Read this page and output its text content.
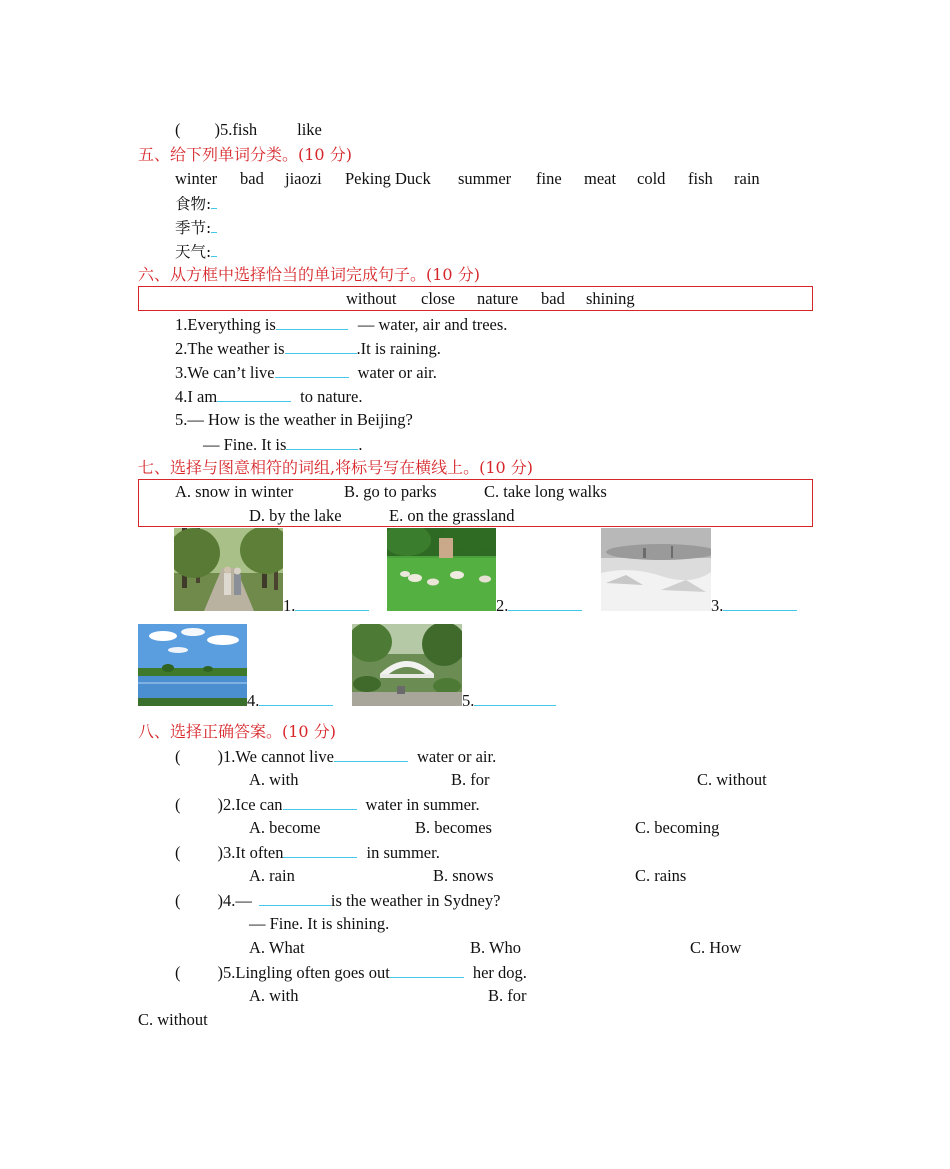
( )5.fish like
五、给下列单词分类。(10 分)
winter bad jiaozi Peking Duck summer fine meat cold fish rain
食物:
季节:
天气:
六、从方框中选择恰当的单词完成句子。(10 分)
without close nature bad shining
1.Everything is	— water, air and trees.
2.The weather is	.It is raining.
3.We can’t live	water or air.
4.I am	to nature.
5.— How is the weather in Beijing?
— Fine. It is	.
七、选择与图意相符的词组,将标号写在横线上。(10 分)
A. snow in winter	B. go to parks	C. take long walks
D. by the lake	E. on the grassland
1.	2.	3.
4.	5.
八、选择正确答案。(10 分)
( )1.We cannot live	water or air.
A. with	B. for	C. without
( )2.Ice can	water in summer.
A. become	B. becomes	C. becoming
( )3.It often	in summer.
A. rain	B. snows	C. rains
( )4.—	is the weather in Sydney?
— Fine. It is shining.
A. What	B. Who	C. How
( )5.Lingling often goes out	her dog.
A. with	B. for
C. without
